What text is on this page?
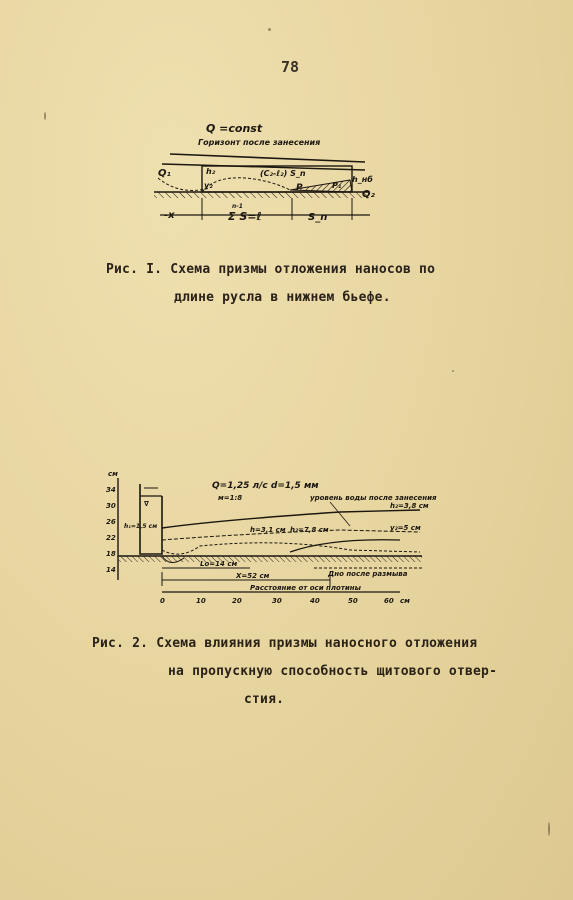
78
Q =const
Горизонт после занесения
Q₁
Q₂
h₂
y₂
(C₂-ℓ₂) S_n
P	P₁
h_нб
-x
n-1
Σ S=ℓ	S_n
Рис. I. Схема призмы отложения наносов по
длине русла в нижнем бьефе.
см
34
30
26
22
18
14
∇
h₁=1,5 см
Q=1,25 л/с d=1,5 мм
м=1:8	уровень воды после занесения
h₂=3,8 см
y₂=5 см
h=3,1 см h₂=7,8 см
Lo=14 см
Дно после размыва
X=52 см
Расстояние от оси плотины
0	10	20	30	40	50	60 см
Рис. 2. Схема влияния призмы наносного отложения
на пропускную способность щитового отвер-
стия.
